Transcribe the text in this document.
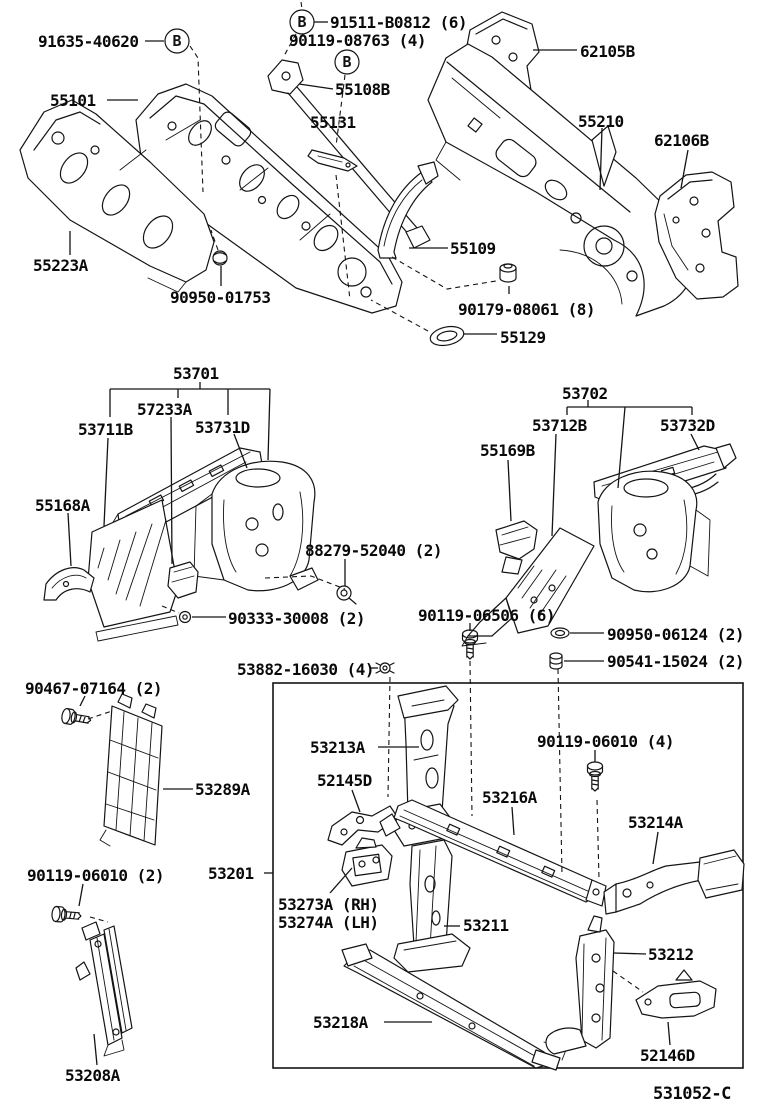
B
B
B
91635-40620
91511-B0812 (6)
90119-08763 (4)
62105B
55101
55108B
55131	55210
62106B
55223A
90950-01753
55109
90179-08061 (8)
55129
53701
57233A
53711B	53731D
55168A
88279-52040 (2)
90333-30008 (2)
53882-16030 (4)
53702
53712B	53732D
55169B
90119-06506 (6)
90950-06124 (2)
90541-15024 (2)
90467-07164 (2)
53289A
53213A
52145D
53216A
90119-06010 (4)
53214A
90119-06010 (2)	53201
53273A (RH)
53274A (LH)	53211
53218A
53212
52146D
53208A
531052-C
